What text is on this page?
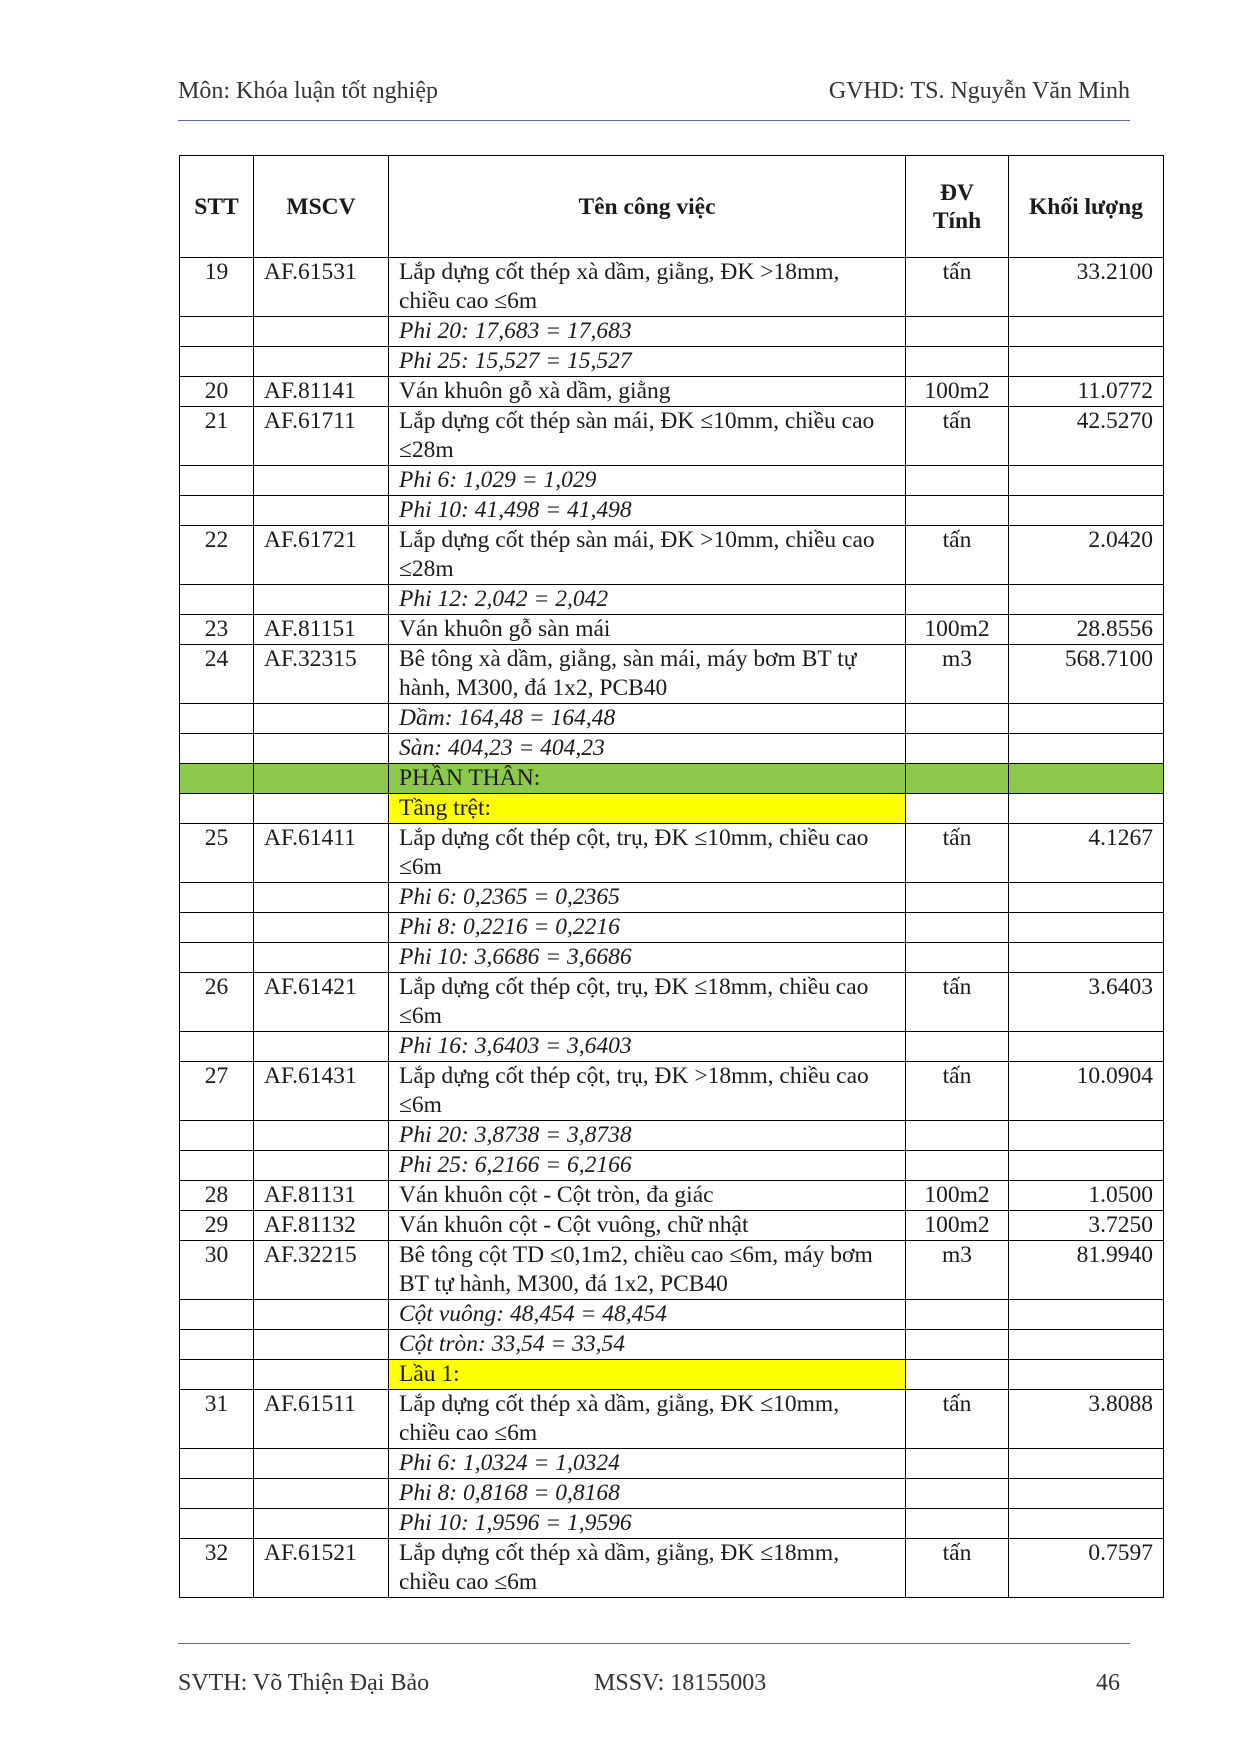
Môn: Khóa luận tốt nghiệp	GVHD: TS. Nguyễn Văn Minh
STT	MSCV	Tên công việc	ĐV Tính	Khối lượng
19	AF.61531	Lắp dựng cốt thép xà dầm, giằng, ĐK >18mm, chiều cao ≤6m	tấn	33.2100
		Phi 20: 17,683 = 17,683		
		Phi 25: 15,527 = 15,527		
20	AF.81141	Ván khuôn gỗ xà dầm, giằng	100m2	11.0772
21	AF.61711	Lắp dựng cốt thép sàn mái, ĐK ≤10mm, chiều cao ≤28m	tấn	42.5270
		Phi 6: 1,029 = 1,029		
		Phi 10: 41,498 = 41,498		
22	AF.61721	Lắp dựng cốt thép sàn mái, ĐK >10mm, chiều cao ≤28m	tấn	2.0420
		Phi 12: 2,042 = 2,042		
23	AF.81151	Ván khuôn gỗ sàn mái	100m2	28.8556
24	AF.32315	Bê tông xà dầm, giằng, sàn mái, máy bơm BT tự hành, M300, đá 1x2, PCB40	m3	568.7100
		Dầm: 164,48 = 164,48		
		Sàn: 404,23 = 404,23		
		PHẦN THÂN:		
		Tầng trệt:		
25	AF.61411	Lắp dựng cốt thép cột, trụ, ĐK ≤10mm, chiều cao ≤6m	tấn	4.1267
		Phi 6: 0,2365 = 0,2365		
		Phi 8: 0,2216 = 0,2216		
		Phi 10: 3,6686 = 3,6686		
26	AF.61421	Lắp dựng cốt thép cột, trụ, ĐK ≤18mm, chiều cao ≤6m	tấn	3.6403
		Phi 16: 3,6403 = 3,6403		
27	AF.61431	Lắp dựng cốt thép cột, trụ, ĐK >18mm, chiều cao ≤6m	tấn	10.0904
		Phi 20: 3,8738 = 3,8738		
		Phi 25: 6,2166 = 6,2166		
28	AF.81131	Ván khuôn cột - Cột tròn, đa giác	100m2	1.0500
29	AF.81132	Ván khuôn cột - Cột vuông, chữ nhật	100m2	3.7250
30	AF.32215	Bê tông cột TD ≤0,1m2, chiều cao ≤6m, máy bơm BT tự hành, M300, đá 1x2, PCB40	m3	81.9940
		Cột vuông: 48,454 = 48,454		
		Cột tròn: 33,54 = 33,54		
		Lầu 1:		
31	AF.61511	Lắp dựng cốt thép xà dầm, giằng, ĐK ≤10mm, chiều cao ≤6m	tấn	3.8088
		Phi 6: 1,0324 = 1,0324		
		Phi 8: 0,8168 = 0,8168		
		Phi 10: 1,9596 = 1,9596		
32	AF.61521	Lắp dựng cốt thép xà dầm, giằng, ĐK ≤18mm, chiều cao ≤6m	tấn	0.7597
SVTH: Võ Thiện Đại Bảo	MSSV: 18155003	46
